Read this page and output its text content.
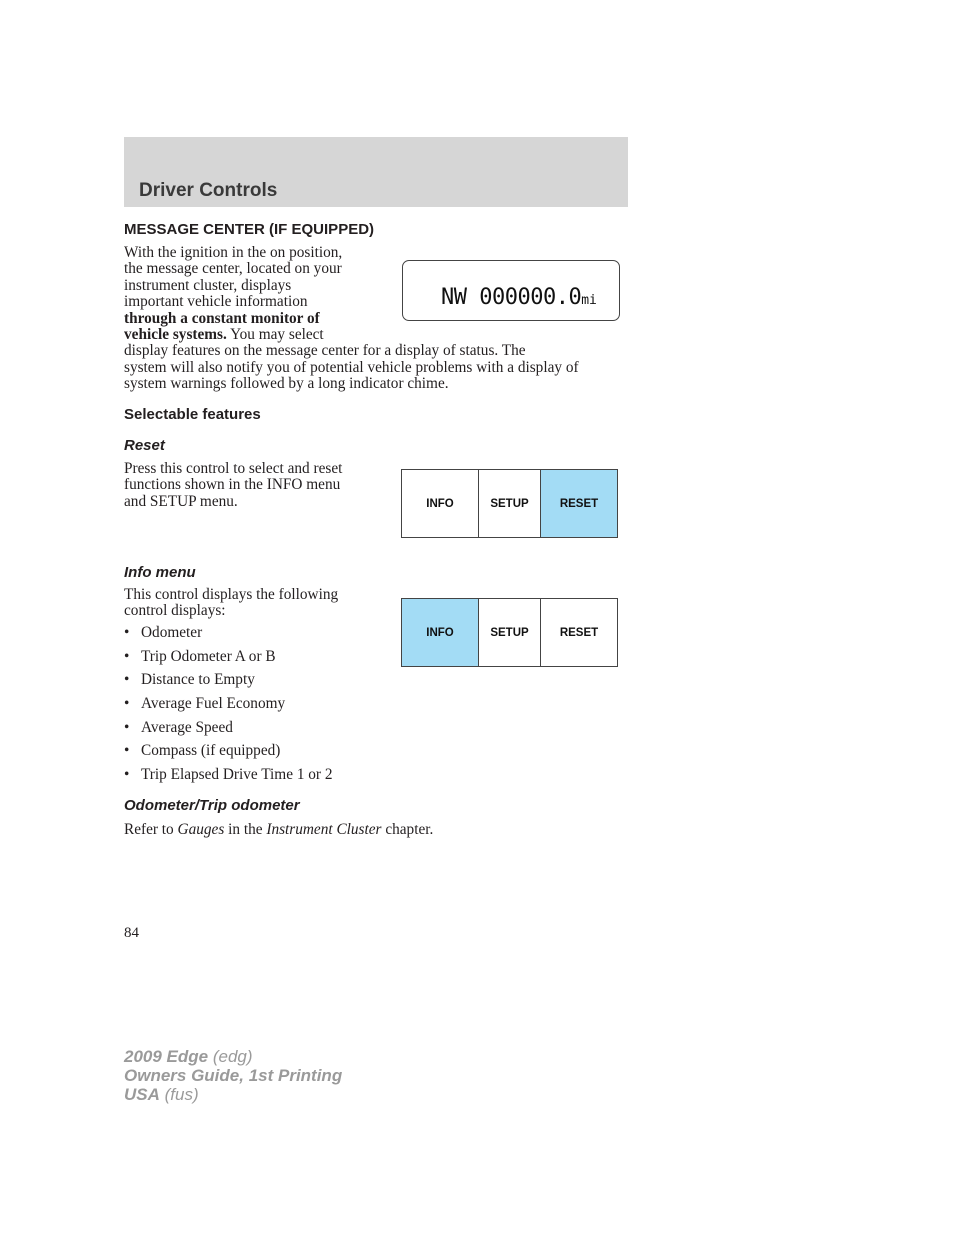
Driver Controls
MESSAGE CENTER (IF EQUIPPED)
With the ignition in the on position,
the message center, located on your
instrument cluster, displays
important vehicle information
through a constant monitor of
vehicle systems. You may select
display features on the message center for a display of status. The
system will also notify you of potential vehicle problems with a display of
system warnings followed by a long indicator chime.
NW 000000.0mi
Selectable features
Reset
Press this control to select and reset
functions shown in the INFO menu
and SETUP menu.	INFO	SETUP	RESET
Info menu
This control displays the following
control displays:
INFO	SETUP	RESET
• Odometer
• Trip Odometer A or B
• Distance to Empty
• Average Fuel Economy
• Average Speed
• Compass (if equipped)
• Trip Elapsed Drive Time 1 or 2
Odometer/Trip odometer
Refer to Gauges in the Instrument Cluster chapter.
84
2009 Edge (edg)
Owners Guide, 1st Printing
USA (fus)
